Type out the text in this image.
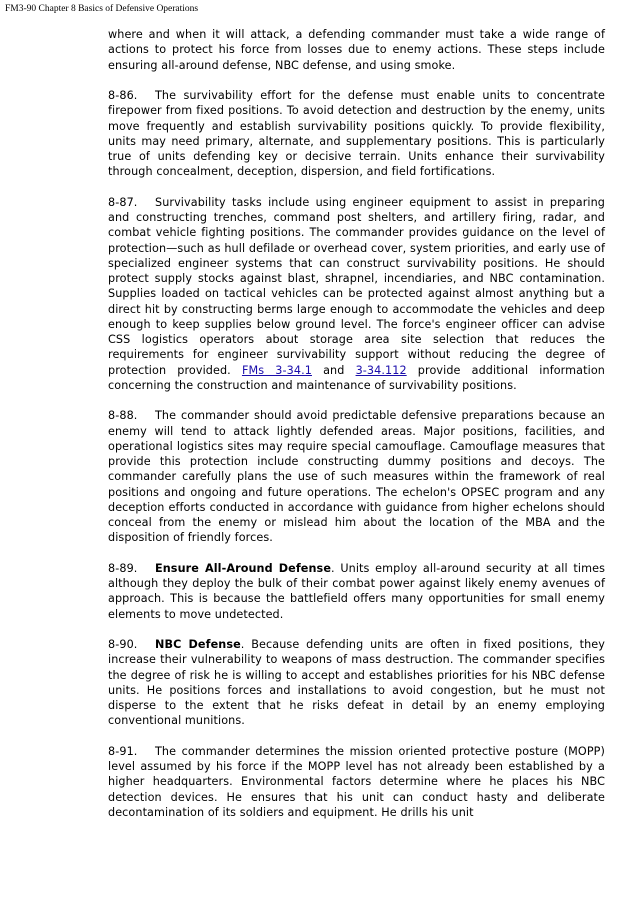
FM3-90 Chapter 8 Basics of Defensive Operations

where and when it will attack, a defending commander must take a wide range of actions to protect his force from losses due to enemy actions. These steps include ensuring all-around defense, NBC defense, and using smoke.

8-86. The survivability effort for the defense must enable units to concentrate firepower from fixed positions. To avoid detection and destruction by the enemy, units move frequently and establish survivability positions quickly. To provide flexibility, units may need primary, alternate, and supplementary positions. This is particularly true of units defending key or decisive terrain. Units enhance their survivability through concealment, deception, dispersion, and field fortifications.

8-87. Survivability tasks include using engineer equipment to assist in preparing and constructing trenches, command post shelters, and artillery firing, radar, and combat vehicle fighting positions. The commander provides guidance on the level of protection—such as hull defilade or overhead cover, system priorities, and early use of specialized engineer systems that can construct survivability positions. He should protect supply stocks against blast, shrapnel, incendiaries, and NBC contamination. Supplies loaded on tactical vehicles can be protected against almost anything but a direct hit by constructing berms large enough to accommodate the vehicles and deep enough to keep supplies below ground level. The force's engineer officer can advise CSS logistics operators about storage area site selection that reduces the requirements for engineer survivability support without reducing the degree of protection provided. FMs 3-34.1 and 3-34.112 provide additional information concerning the construction and maintenance of survivability positions.

8-88. The commander should avoid predictable defensive preparations because an enemy will tend to attack lightly defended areas. Major positions, facilities, and operational logistics sites may require special camouflage. Camouflage measures that provide this protection include constructing dummy positions and decoys. The commander carefully plans the use of such measures within the framework of real positions and ongoing and future operations. The echelon's OPSEC program and any deception efforts conducted in accordance with guidance from higher echelons should conceal from the enemy or mislead him about the location of the MBA and the disposition of friendly forces.

8-89. Ensure All-Around Defense. Units employ all-around security at all times although they deploy the bulk of their combat power against likely enemy avenues of approach. This is because the battlefield offers many opportunities for small enemy elements to move undetected.

8-90. NBC Defense. Because defending units are often in fixed positions, they increase their vulnerability to weapons of mass destruction. The commander specifies the degree of risk he is willing to accept and establishes priorities for his NBC defense units. He positions forces and installations to avoid congestion, but he must not disperse to the extent that he risks defeat in detail by an enemy employing conventional munitions.

8-91. The commander determines the mission oriented protective posture (MOPP) level assumed by his force if the MOPP level has not already been established by a higher headquarters. Environmental factors determine where he places his NBC detection devices. He ensures that his unit can conduct hasty and deliberate decontamination of its soldiers and equipment. He drills his unit
